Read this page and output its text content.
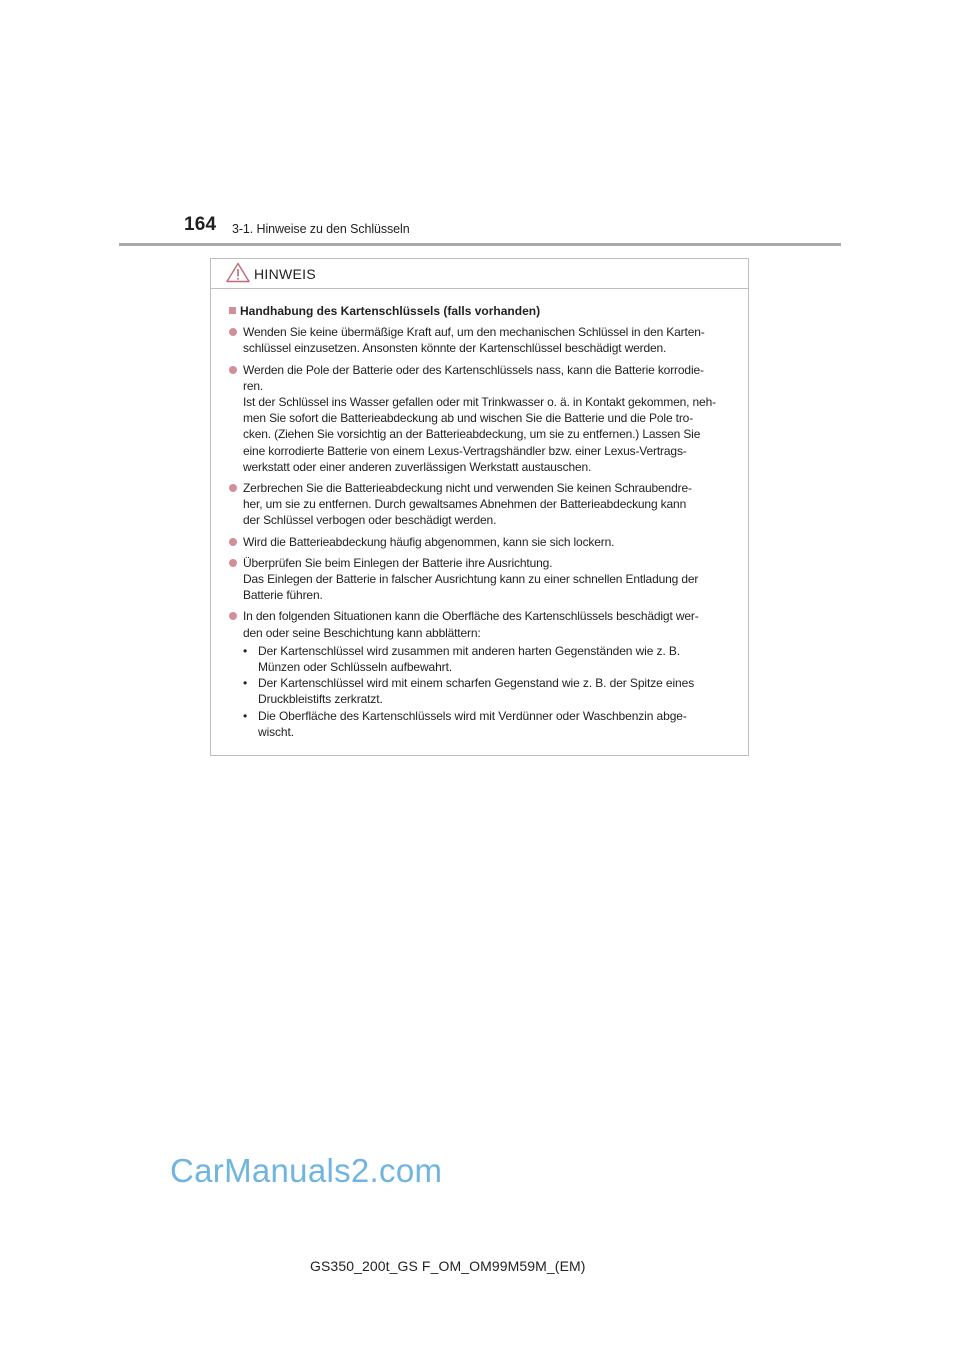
164 3-1. Hinweise zu den Schlüsseln
HINWEIS
Handhabung des Kartenschlüssels (falls vorhanden)
Wenden Sie keine übermäßige Kraft auf, um den mechanischen Schlüssel in den Karten-
schlüssel einzusetzen. Ansonsten könnte der Kartenschlüssel beschädigt werden.
Werden die Pole der Batterie oder des Kartenschlüssels nass, kann die Batterie korrodie-
ren.
Ist der Schlüssel ins Wasser gefallen oder mit Trinkwasser o. ä. in Kontakt gekommen, neh-
men Sie sofort die Batterieabdeckung ab und wischen Sie die Batterie und die Pole tro-
cken. (Ziehen Sie vorsichtig an der Batterieabdeckung, um sie zu entfernen.) Lassen Sie
eine korrodierte Batterie von einem Lexus-Vertragshändler bzw. einer Lexus-Vertrags-
werkstatt oder einer anderen zuverlässigen Werkstatt austauschen.
Zerbrechen Sie die Batterieabdeckung nicht und verwenden Sie keinen Schraubendre-
her, um sie zu entfernen. Durch gewaltsames Abnehmen der Batterieabdeckung kann
der Schlüssel verbogen oder beschädigt werden.
Wird die Batterieabdeckung häufig abgenommen, kann sie sich lockern.
Überprüfen Sie beim Einlegen der Batterie ihre Ausrichtung.
Das Einlegen der Batterie in falscher Ausrichtung kann zu einer schnellen Entladung der
Batterie führen.
In den folgenden Situationen kann die Oberfläche des Kartenschlüssels beschädigt wer-
den oder seine Beschichtung kann abblättern:
• Der Kartenschlüssel wird zusammen mit anderen harten Gegenständen wie z. B.
Münzen oder Schlüsseln aufbewahrt.
• Der Kartenschlüssel wird mit einem scharfen Gegenstand wie z. B. der Spitze eines
Druckbleistifts zerkratzt.
• Die Oberfläche des Kartenschlüssels wird mit Verdünner oder Waschbenzin abge-
wischt.
CarManuals2.com
GS350_200t_GS F_OM_OM99M59M_(EM)
